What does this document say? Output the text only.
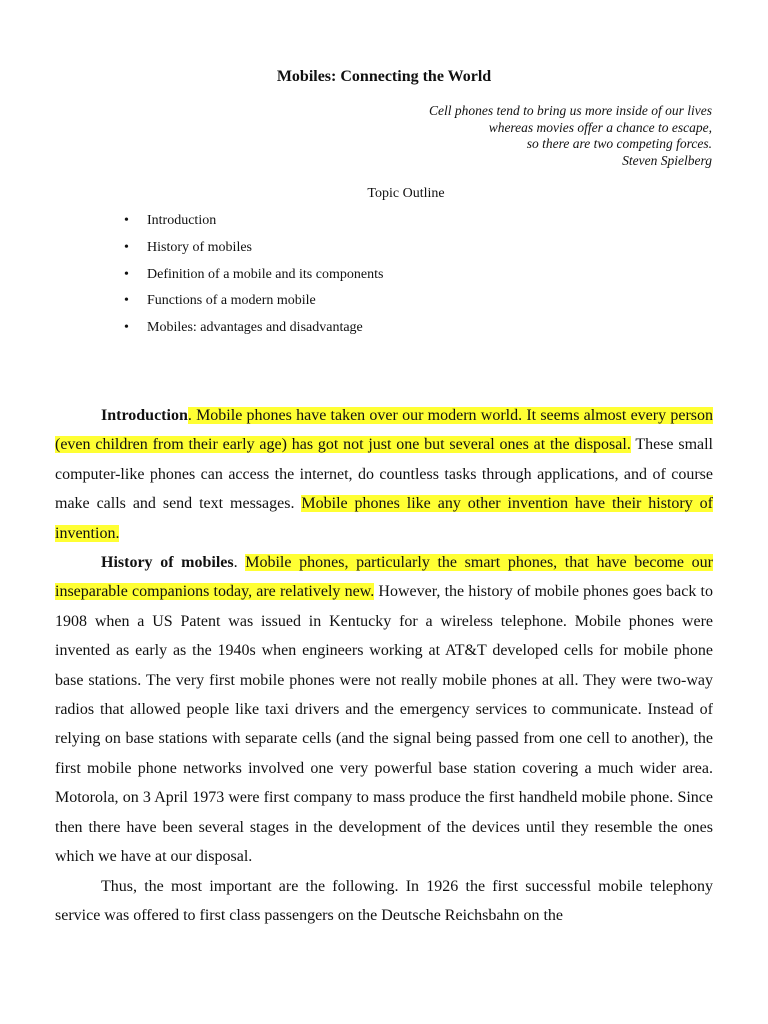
Mobiles: Connecting the World
Cell phones tend to bring us more inside of our lives
whereas movies offer a chance to escape,
so there are two competing forces.
Steven Spielberg
Topic Outline
• Introduction
• History of mobiles
• Definition of a mobile and its components
• Functions of a modern mobile
• Mobiles: advantages and disadvantage

Introduction. Mobile phones have taken over our modern world. It seems almost every person (even children from their early age) has got not just one but several ones at the disposal. These small computer-like phones can access the internet, do countless tasks through applications, and of course make calls and send text messages. Mobile phones like any other invention have their history of invention.

History of mobiles. Mobile phones, particularly the smart phones, that have become our inseparable companions today, are relatively new. However, the history of mobile phones goes back to 1908 when a US Patent was issued in Kentucky for a wireless telephone. Mobile phones were invented as early as the 1940s when engineers working at AT&T developed cells for mobile phone base stations. The very first mobile phones were not really mobile phones at all. They were two-way radios that allowed people like taxi drivers and the emergency services to communicate. Instead of relying on base stations with separate cells (and the signal being passed from one cell to another), the first mobile phone networks involved one very powerful base station covering a much wider area. Motorola, on 3 April 1973 were first company to mass produce the first handheld mobile phone. Since then there have been several stages in the development of the devices until they resemble the ones which we have at our disposal.

Thus, the most important are the following. In 1926 the first successful mobile telephony service was offered to first class passengers on the Deutsche Reichsbahn on the
